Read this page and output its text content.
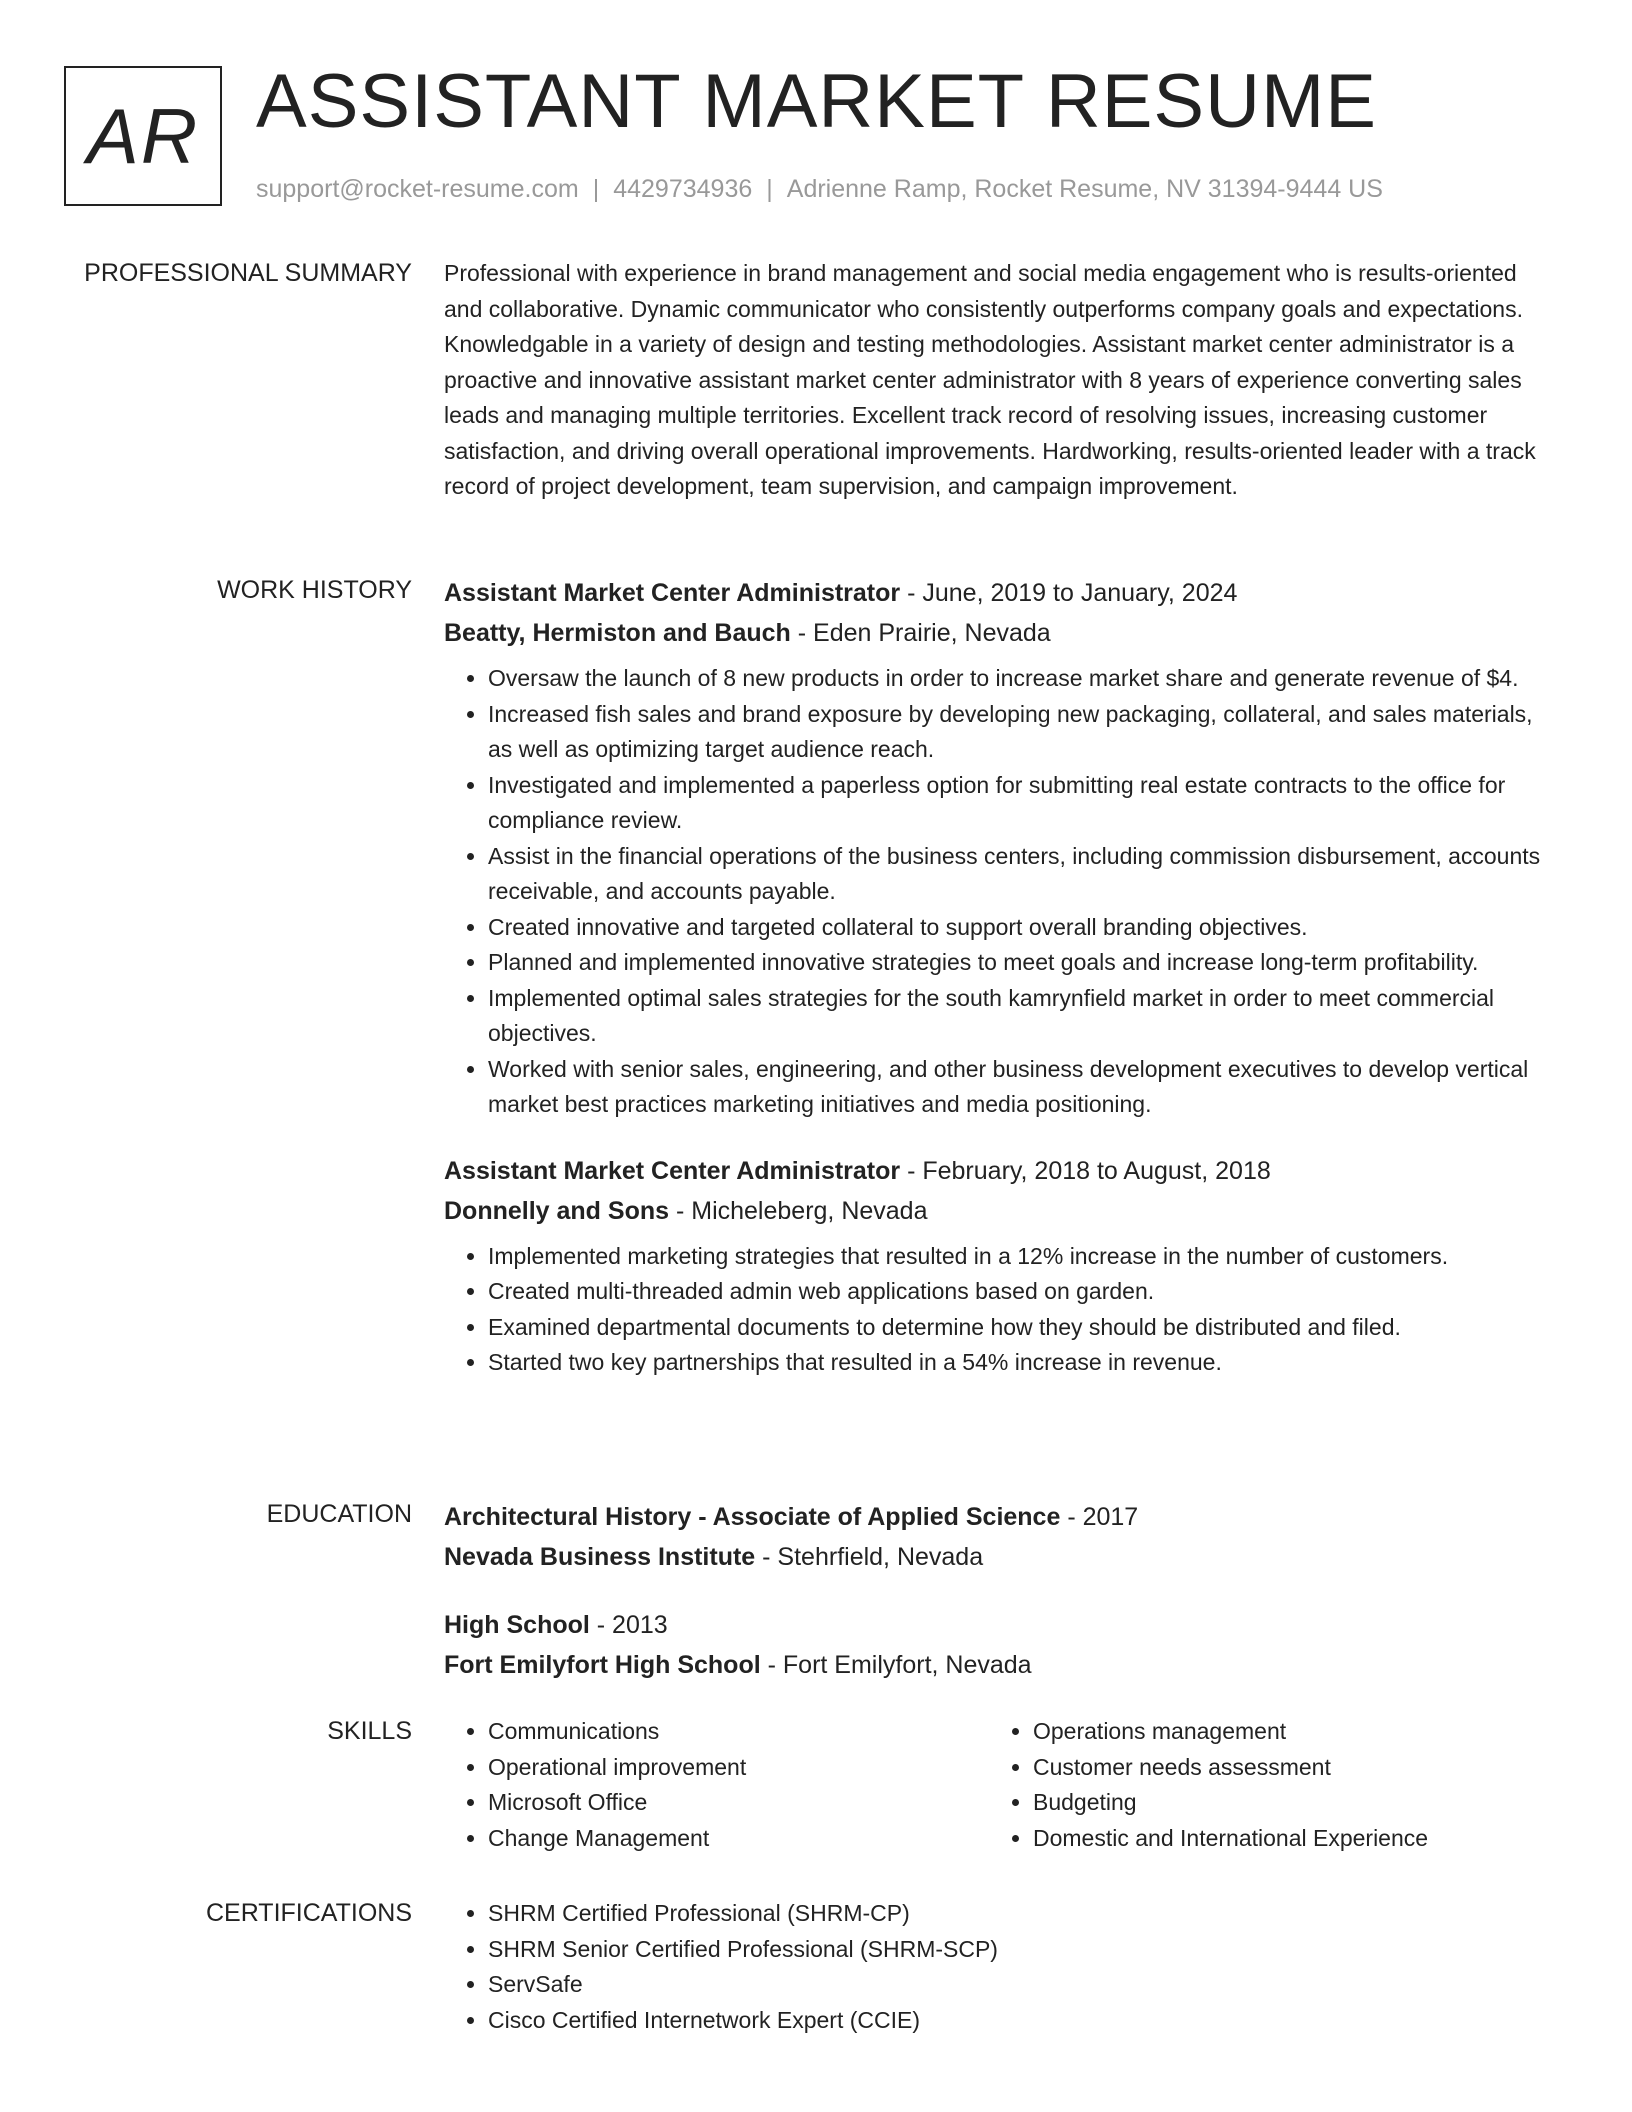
AR ASSISTANT MARKET RESUME
support@rocket-resume.com | 4429734936 | Adrienne Ramp, Rocket Resume, NV 31394-9444 US
PROFESSIONAL SUMMARY Professional with experience in brand management and social media engagement who is results-oriented and collaborative. Dynamic communicator who consistently outperforms company goals and expectations. Knowledgable in a variety of design and testing methodologies. Assistant market center administrator is a proactive and innovative assistant market center administrator with 8 years of experience converting sales leads and managing multiple territories. Excellent track record of resolving issues, increasing customer satisfaction, and driving overall operational improvements. Hardworking, results-oriented leader with a track record of project development, team supervision, and campaign improvement.

WORK HISTORY Assistant Market Center Administrator - June, 2019 to January, 2024
Beatty, Hermiston and Bauch - Eden Prairie, Nevada
• Oversaw the launch of 8 new products in order to increase market share and generate revenue of $4.
• Increased fish sales and brand exposure by developing new packaging, collateral, and sales materials, as well as optimizing target audience reach.
• Investigated and implemented a paperless option for submitting real estate contracts to the office for compliance review.
• Assist in the financial operations of the business centers, including commission disbursement, accounts receivable, and accounts payable.
• Created innovative and targeted collateral to support overall branding objectives.
• Planned and implemented innovative strategies to meet goals and increase long-term profitability.
• Implemented optimal sales strategies for the south kamrynfield market in order to meet commercial objectives.
• Worked with senior sales, engineering, and other business development executives to develop vertical market best practices marketing initiatives and media positioning.
Assistant Market Center Administrator - February, 2018 to August, 2018
Donnelly and Sons - Micheleberg, Nevada
• Implemented marketing strategies that resulted in a 12% increase in the number of customers.
• Created multi-threaded admin web applications based on garden.
• Examined departmental documents to determine how they should be distributed and filed.
• Started two key partnerships that resulted in a 54% increase in revenue.
EDUCATION Architectural History - Associate of Applied Science - 2017
Nevada Business Institute - Stehrfield, Nevada
High School - 2013
Fort Emilyfort High School - Fort Emilyfort, Nevada
SKILLS	• Communications
• Operational improvement
• Microsoft Office
• Change Management
• Operations management
• Customer needs assessment
• Budgeting
• Domestic and International Experience
CERTIFICATIONS	• SHRM Certified Professional (SHRM-CP)
• SHRM Senior Certified Professional (SHRM-SCP)
• ServSafe
• Cisco Certified Internetwork Expert (CCIE)
